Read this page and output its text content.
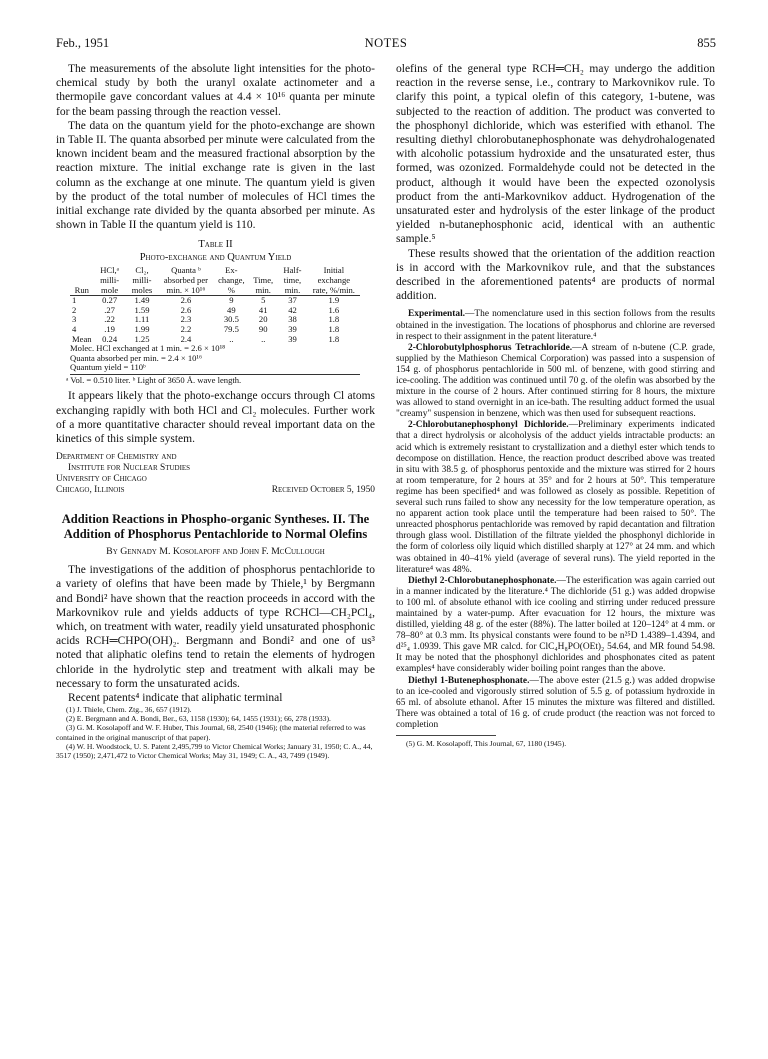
Feb., 1951	NOTES	855

The measurements of the absolute light intensities for the photo-chemical study by both the uranyl oxalate actinometer and a thermopile gave concordant values at 4.4 × 10¹⁶ quanta per minute for the beam passing through the reaction vessel.

The data on the quantum yield for the photo-exchange are shown in Table II. The quanta absorbed per minute were calculated from the known incident beam and the measured fractional absorption by the reaction mixture. The initial exchange rate is given in the last column as the exchange at one minute. The quantum yield is given by the product of the total number of molecules of HCl times the initial exchange rate divided by the quanta absorbed per minute. As shown in Table II the quantum yield is 110.

Table II
Photo-exchange and Quantum Yield
Run	HCl,ᵃ milli-mole	Cl₂, milli-moles	Quanta ᵇ absorbed per min. × 10¹⁶	Ex-change, %	Time, min.	Half-time, min.	Initial exchange rate, %/min.
1	0.27	1.49	2.6	9	5	37	1.9
2	.27	1.59	2.6	49	41	42	1.6
3	.22	1.11	2.3	30.5	20	38	1.8
4	.19	1.99	2.2	79.5	90	39	1.8
Mean	0.24	1.25	2.4	..	..	39	1.8
Molec. HCl exchanged at 1 min. = 2.6 × 10¹⁸
Quanta absorbed per min. = 2.4 × 10¹⁶
Quantum yield = 110ᵇ
ᵃ Vol. = 0.510 liter. ᵇ Light of 3650 Å. wave length.

It appears likely that the photo-exchange occurs through Cl atoms exchanging rapidly with both HCl and Cl₂ molecules. Further work of a more quantitative character should reveal important data on the kinetics of this simple system.

Department of Chemistry and
Institute for Nuclear Studies
University of Chicago
Chicago, Illinois	Received October 5, 1950
Addition Reactions in Phospho-organic Syntheses. II. The Addition of Phosphorus Pentachloride to Normal Olefins
By Gennady M. Kosolapoff and John F. McCullough

The investigations of the addition of phosphorus pentachloride to a variety of olefins that have been made by Thiele,¹ by Bergmann and Bondi² have shown that the reaction proceeds in accord with the Markovnikov rule and yields adducts of type RCHCl—CH₂PCl₄, which, on treatment with water, readily yield unsaturated phosphonic acids RCH═CHPO(OH)₂. Bergmann and Bondi² and one of us³ noted that aliphatic olefins tend to retain the elements of hydrogen chloride in the hydrolytic step and treatment with alkali may be necessary to form the unsaturated acids.

Recent patents⁴ indicate that aliphatic terminal

(1) J. Thiele, Chem. Ztg., 36, 657 (1912).
(2) E. Bergmann and A. Bondi, Ber., 63, 1158 (1930); 64, 1455 (1931); 66, 278 (1933).
(3) G. M. Kosolapoff and W. F. Huber, This Journal, 68, 2540 (1946); (the material referred to was contained in the original manuscript of that paper).
(4) W. H. Woodstock, U. S. Patent 2,495,799 to Victor Chemical Works; January 31, 1950; C. A., 44, 3517 (1950); 2,471,472 to Victor Chemical Works; May 31, 1949; C. A., 43, 7499 (1949).

olefins of the general type RCH═CH₂ may undergo the addition reaction in the reverse sense, i.e., contrary to Markovnikov rule. To clarify this point, a typical olefin of this category, 1-butene, was subjected to the reaction of addition. The product was converted to the phosphonyl dichloride, which was esterified with ethanol. The resulting diethyl chlorobutanephosphonate was dehydrohalogenated with alcoholic potassium hydroxide and the unsaturated ester, thus formed, was ozonized. Formaldehyde could not be detected in the product, although it would have been the expected ozonolysis product from the anti-Markovnikov adduct. Hydrogenation of the unsaturated ester and hydrolysis of the ester linkage of the product yielded n-butanephosphonic acid, identical with an authentic sample.⁵

These results showed that the orientation of the addition reaction is in accord with the Markovnikov rule, and that the substances described in the aforementioned patents⁴ are products of normal addition.

Experimental.—The nomenclature used in this section follows from the results obtained in the investigation. The locations of phosphorus and chlorine are reversed in respect to their assignment in the patent literature.⁴

2-Chlorobutylphosphorus Tetrachloride.—A stream of n-butene (C.P. grade, supplied by the Mathieson Chemical Corporation) was passed into a suspension of 154 g. of phosphorus pentachloride in 500 ml. of benzene, with good stirring and ice-cooling. The addition was continued until 70 g. of the olefin was absorbed by the mixture in the course of 2 hours. After continued stirring for 8 hours, the mixture was allowed to stand overnight in an ice-bath. The resulting adduct formed the usual "creamy" suspension in benzene, which was then used for subsequent reactions.

2-Chlorobutanephosphonyl Dichloride.—Preliminary experiments indicated that a direct hydrolysis or alcoholysis of the adduct yields intractable products: an acid which is extremely resistant to crystallization and a diethyl ester which tends to decompose on distillation. Hence, the reaction product described above was treated in situ with 38.5 g. of phosphorus pentoxide and the mixture was stirred for 2 hours at room temperature, for 2 hours at 35° and for 2 hours at 50°. This temperature regime has been specified⁴ and was followed as closely as possible. Repetition of several such runs failed to show any necessity for the low temperature operation, as no apparent action took place until the temperature had been raised to 50°. The unreacted phosphorus pentachloride was removed by rapid decantation and filtration through glass wool. Distillation of the filtrate yielded the phosphonyl dichloride in the form of colorless oily liquid which distilled sharply at 127° at 24 mm. and which was obtained in 40–41% yield (average of several runs). The yield reported in the literature⁴ was 48%.

Diethyl 2-Chlorobutanephosphonate.—The esterification was again carried out in a manner indicated by the literature.⁴ The dichloride (51 g.) was added dropwise to 100 ml. of absolute ethanol with ice cooling and stirring under reduced pressure maintained by a water-pump. After evacuation for 12 hours, the mixture was distilled, yielding 48 g. of the ester (88%). The latter boiled at 120–124° at 4 mm. or 78–80° at 0.3 mm. Its physical constants were found to be n²⁵D 1.4389–1.4394, and d²⁵₄ 1.0939. This gave MR calcd. for ClC₄H₈PO(OEt)₂ 54.64, and MR found 54.98. It may be noted that the phosphonyl dichlorides and phosphonates cited as patent examples⁴ have considerably wider boiling point ranges than the above.

Diethyl 1-Butenephosphonate.—The above ester (21.5 g.) was added dropwise to an ice-cooled and vigorously stirred solution of 5.5 g. of potassium hydroxide in 65 ml. of absolute ethanol. After 15 minutes the mixture was filtered and distilled. There was obtained a total of 16 g. of crude product (the reaction was not forced to completion

(5) G. M. Kosolapoff, This Journal, 67, 1180 (1945).
